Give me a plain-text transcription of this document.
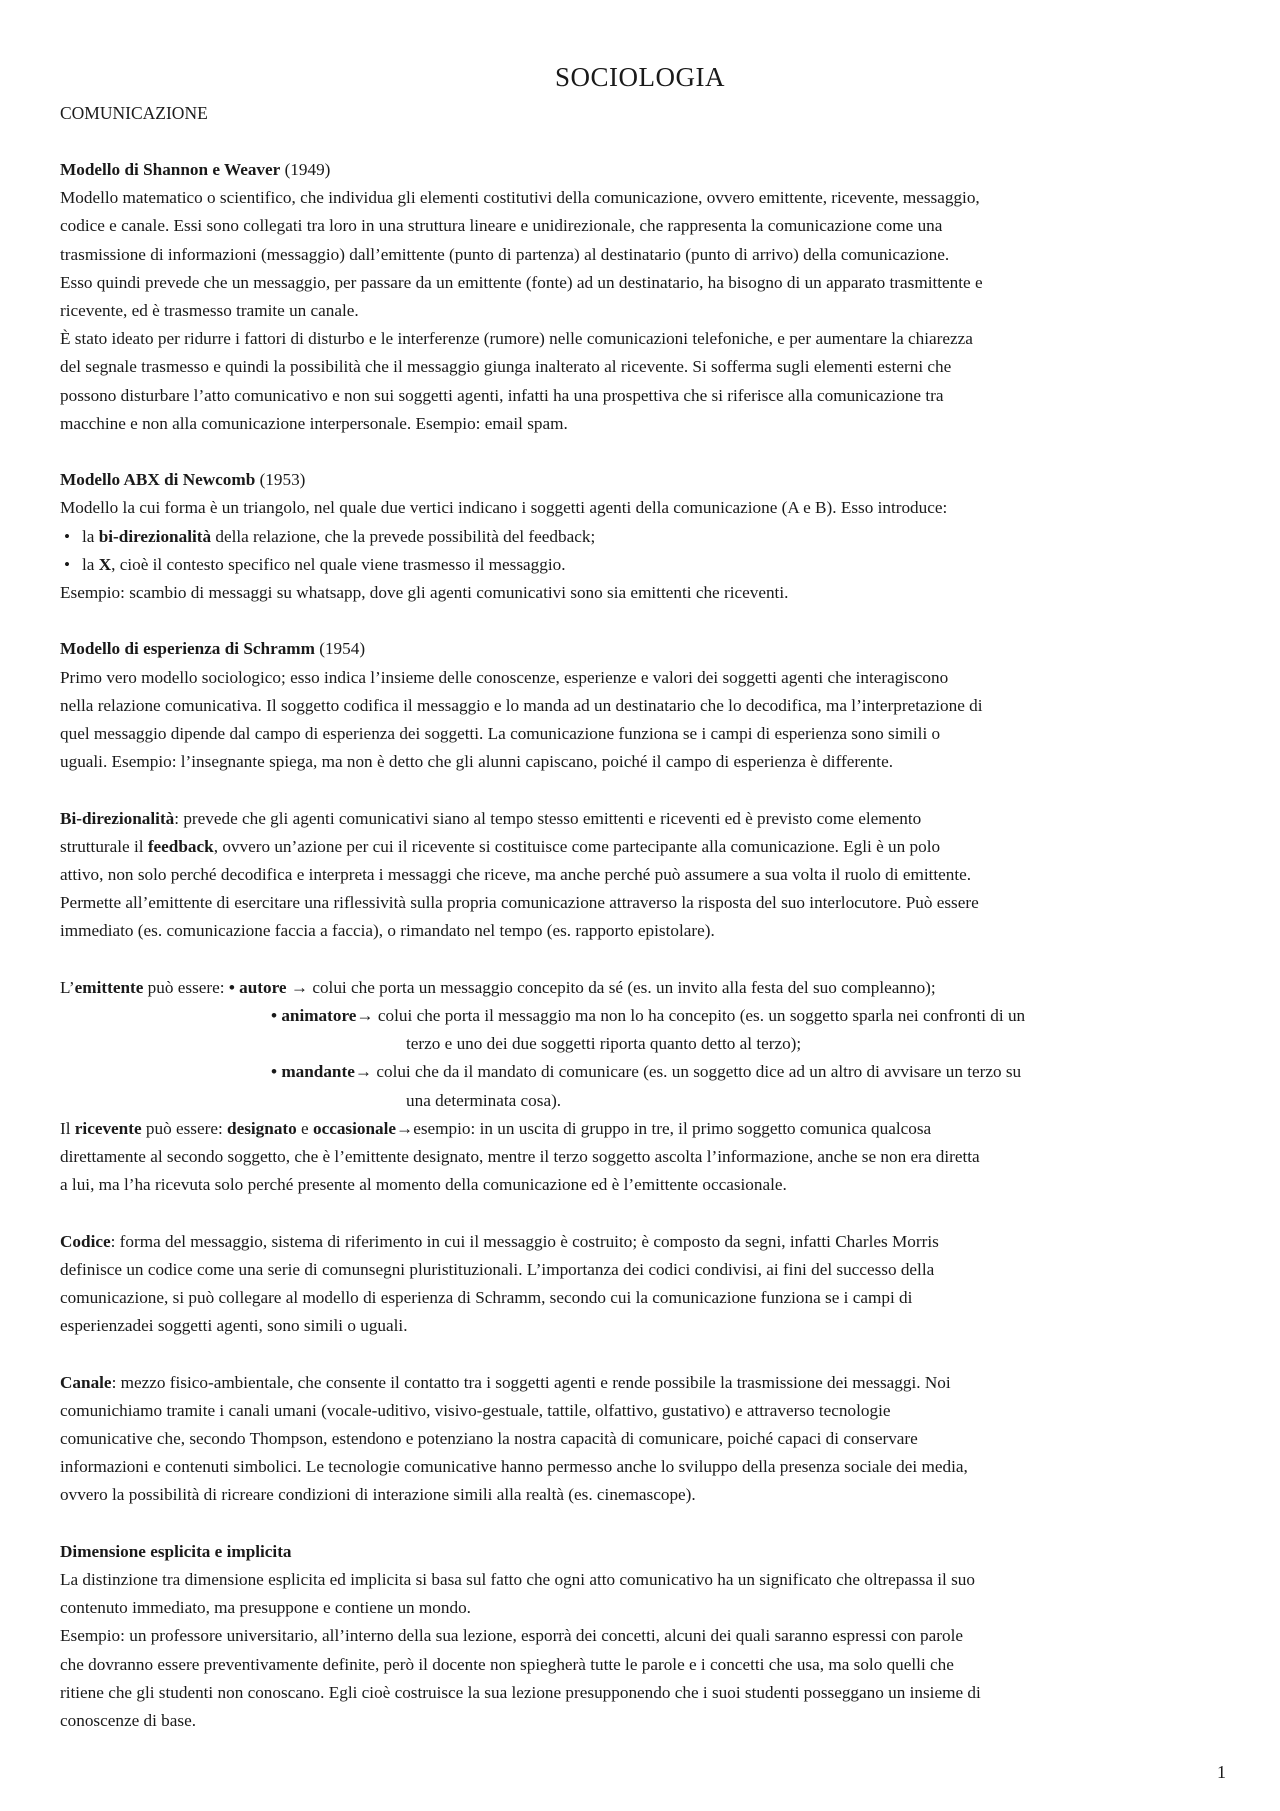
SOCIOLOGIA
COMUNICAZIONE
Modello di Shannon e Weaver (1949)
Modello matematico o scientifico, che individua gli elementi costitutivi della comunicazione, ovvero emittente, ricevente, messaggio,
codice e canale. Essi sono collegati tra loro in una struttura lineare e unidirezionale, che rappresenta la comunicazione come una
trasmissione di informazioni (messaggio) dall’emittente (punto di partenza) al destinatario (punto di arrivo) della comunicazione.
Esso quindi prevede che un messaggio, per passare da un emittente (fonte) ad un destinatario, ha bisogno di un apparato trasmittente e
ricevente, ed è trasmesso tramite un canale.
È stato ideato per ridurre i fattori di disturbo e le interferenze (rumore) nelle comunicazioni telefoniche, e per aumentare la chiarezza
del segnale trasmesso e quindi la possibilità che il messaggio giunga inalterato al ricevente. Si sofferma sugli elementi esterni che
possono disturbare l’atto comunicativo e non sui soggetti agenti, infatti ha una prospettiva che si riferisce alla comunicazione tra
macchine e non alla comunicazione interpersonale. Esempio: email spam.
Modello ABX di Newcomb (1953)
Modello la cui forma è un triangolo, nel quale due vertici indicano i soggetti agenti della comunicazione (A e B). Esso introduce:
• la bi-direzionalità della relazione, che la prevede possibilità del feedback;
• la X, cioè il contesto specifico nel quale viene trasmesso il messaggio.
Esempio: scambio di messaggi su whatsapp, dove gli agenti comunicativi sono sia emittenti che riceventi.
Modello di esperienza di Schramm (1954)
Primo vero modello sociologico; esso indica l’insieme delle conoscenze, esperienze e valori dei soggetti agenti che interagiscono
nella relazione comunicativa. Il soggetto codifica il messaggio e lo manda ad un destinatario che lo decodifica, ma l’interpretazione di
quel messaggio dipende dal campo di esperienza dei soggetti. La comunicazione funziona se i campi di esperienza sono simili o
uguali. Esempio: l’insegnante spiega, ma non è detto che gli alunni capiscano, poiché il campo di esperienza è differente.
Bi-direzionalità: prevede che gli agenti comunicativi siano al tempo stesso emittenti e riceventi ed è previsto come elemento
strutturale il feedback, ovvero un’azione per cui il ricevente si costituisce come partecipante alla comunicazione. Egli è un polo
attivo, non solo perché decodifica e interpreta i messaggi che riceve, ma anche perché può assumere a sua volta il ruolo di emittente.
Permette all’emittente di esercitare una riflessività sulla propria comunicazione attraverso la risposta del suo interlocutore. Può essere
immediato (es. comunicazione faccia a faccia), o rimandato nel tempo (es. rapporto epistolare).
L’emittente può essere: • autore → colui che porta un messaggio concepito da sé (es. un invito alla festa del suo compleanno);
• animatore→ colui che porta il messaggio ma non lo ha concepito (es. un soggetto sparla nei confronti di un
terzo e uno dei due soggetti riporta quanto detto al terzo);
• mandante→ colui che da il mandato di comunicare (es. un soggetto dice ad un altro di avvisare un terzo su
una determinata cosa).
Il ricevente può essere: designato e occasionale→esempio: in un uscita di gruppo in tre, il primo soggetto comunica qualcosa
direttamente al secondo soggetto, che è l’emittente designato, mentre il terzo soggetto ascolta l’informazione, anche se non era diretta
a lui, ma l’ha ricevuta solo perché presente al momento della comunicazione ed è l’emittente occasionale.
Codice: forma del messaggio, sistema di riferimento in cui il messaggio è costruito; è composto da segni, infatti Charles Morris
definisce un codice come una serie di comunsegni pluristituzionali. L’importanza dei codici condivisi, ai fini del successo della
comunicazione, si può collegare al modello di esperienza di Schramm, secondo cui la comunicazione funziona se i campi di
esperienzadei soggetti agenti, sono simili o uguali.
Canale: mezzo fisico-ambientale, che consente il contatto tra i soggetti agenti e rende possibile la trasmissione dei messaggi. Noi
comunichiamo tramite i canali umani (vocale-uditivo, visivo-gestuale, tattile, olfattivo, gustativo) e attraverso tecnologie
comunicative che, secondo Thompson, estendono e potenziano la nostra capacità di comunicare, poiché capaci di conservare
informazioni e contenuti simbolici. Le tecnologie comunicative hanno permesso anche lo sviluppo della presenza sociale dei media,
ovvero la possibilità di ricreare condizioni di interazione simili alla realtà (es. cinemascope).
Dimensione esplicita e implicita
La distinzione tra dimensione esplicita ed implicita si basa sul fatto che ogni atto comunicativo ha un significato che oltrepassa il suo
contenuto immediato, ma presuppone e contiene un mondo.
Esempio: un professore universitario, all’interno della sua lezione, esporrà dei concetti, alcuni dei quali saranno espressi con parole
che dovranno essere preventivamente definite, però il docente non spiegherà tutte le parole e i concetti che usa, ma solo quelli che
ritiene che gli studenti non conoscano. Egli cioè costruisce la sua lezione presupponendo che i suoi studenti posseggano un insieme di
conoscenze di base.
1
